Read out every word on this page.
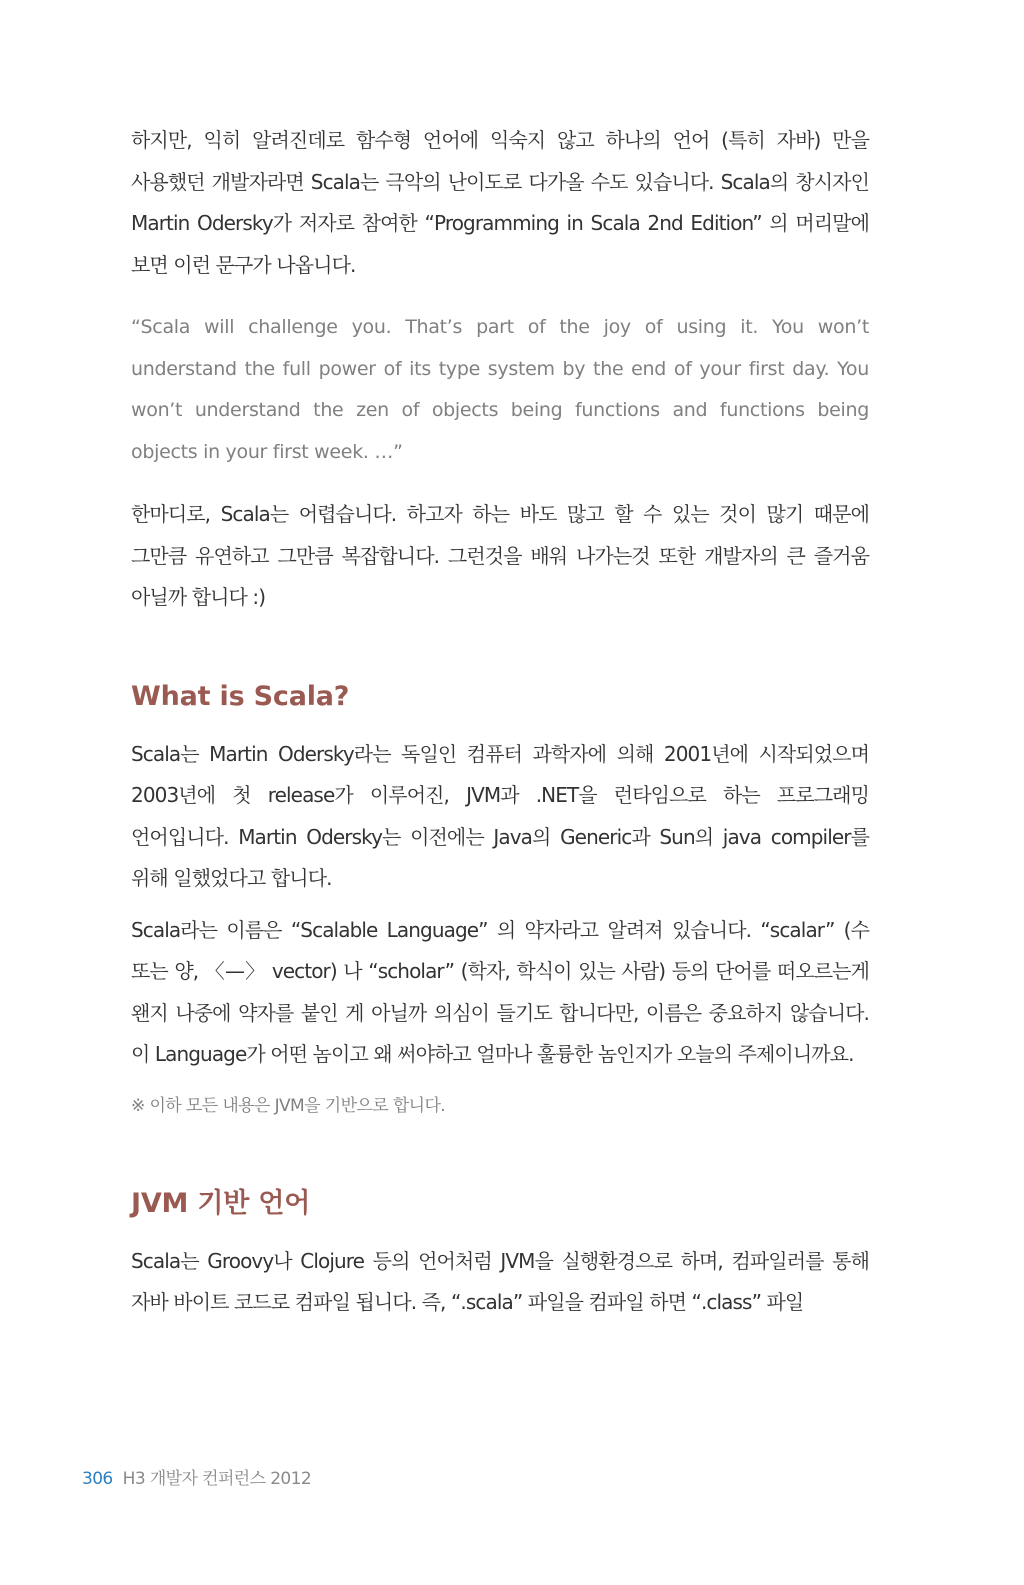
하지만, 익히 알려진데로 함수형 언어에 익숙지 않고 하나의 언어 (특히 자바) 만을 사용했던 개발자라면 Scala는 극악의 난이도로 다가올 수도 있습니다. Scala의 창시자인 Martin Odersky가 저자로 참여한 “Programming in Scala 2nd Edition” 의 머리말에 보면 이런 문구가 나옵니다.

“Scala will challenge you. That’s part of the joy of using it. You won’t understand the full power of its type system by the end of your first day. You won’t understand the zen of objects being functions and functions being objects in your first week. …”

한마디로, Scala는 어렵습니다. 하고자 하는 바도 많고 할 수 있는 것이 많기 때문에 그만큼 유연하고 그만큼 복잡합니다. 그런것을 배워 나가는것 또한 개발자의 큰 즐거움 아닐까 합니다 :)

What is Scala?

Scala는 Martin Odersky라는 독일인 컴퓨터 과학자에 의해 2001년에 시작되었으며 2003년에 첫 release가 이루어진, JVM과 .NET을 런타임으로 하는 프로그래밍 언어입니다. Martin Odersky는 이전에는 Java의 Generic과 Sun의 java compiler를 위해 일했었다고 합니다.

Scala라는 이름은 “Scalable Language” 의 약자라고 알려져 있습니다. “scalar” (수 또는 양, 〈—〉 vector) 나 “scholar” (학자, 학식이 있는 사람) 등의 단어를 떠오르는게 왠지 나중에 약자를 붙인 게 아닐까 의심이 들기도 합니다만, 이름은 중요하지 않습니다. 이 Language가 어떤 놈이고 왜 써야하고 얼마나 훌륭한 놈인지가 오늘의 주제이니까요.

※ 이하 모든 내용은 JVM을 기반으로 합니다.

JVM 기반 언어

Scala는 Groovy나 Clojure 등의 언어처럼 JVM을 실행환경으로 하며, 컴파일러를 통해 자바 바이트 코드로 컴파일 됩니다. 즉, “.scala” 파일을 컴파일 하면 “.class” 파일

306 H3 개발자 컨퍼런스 2012
